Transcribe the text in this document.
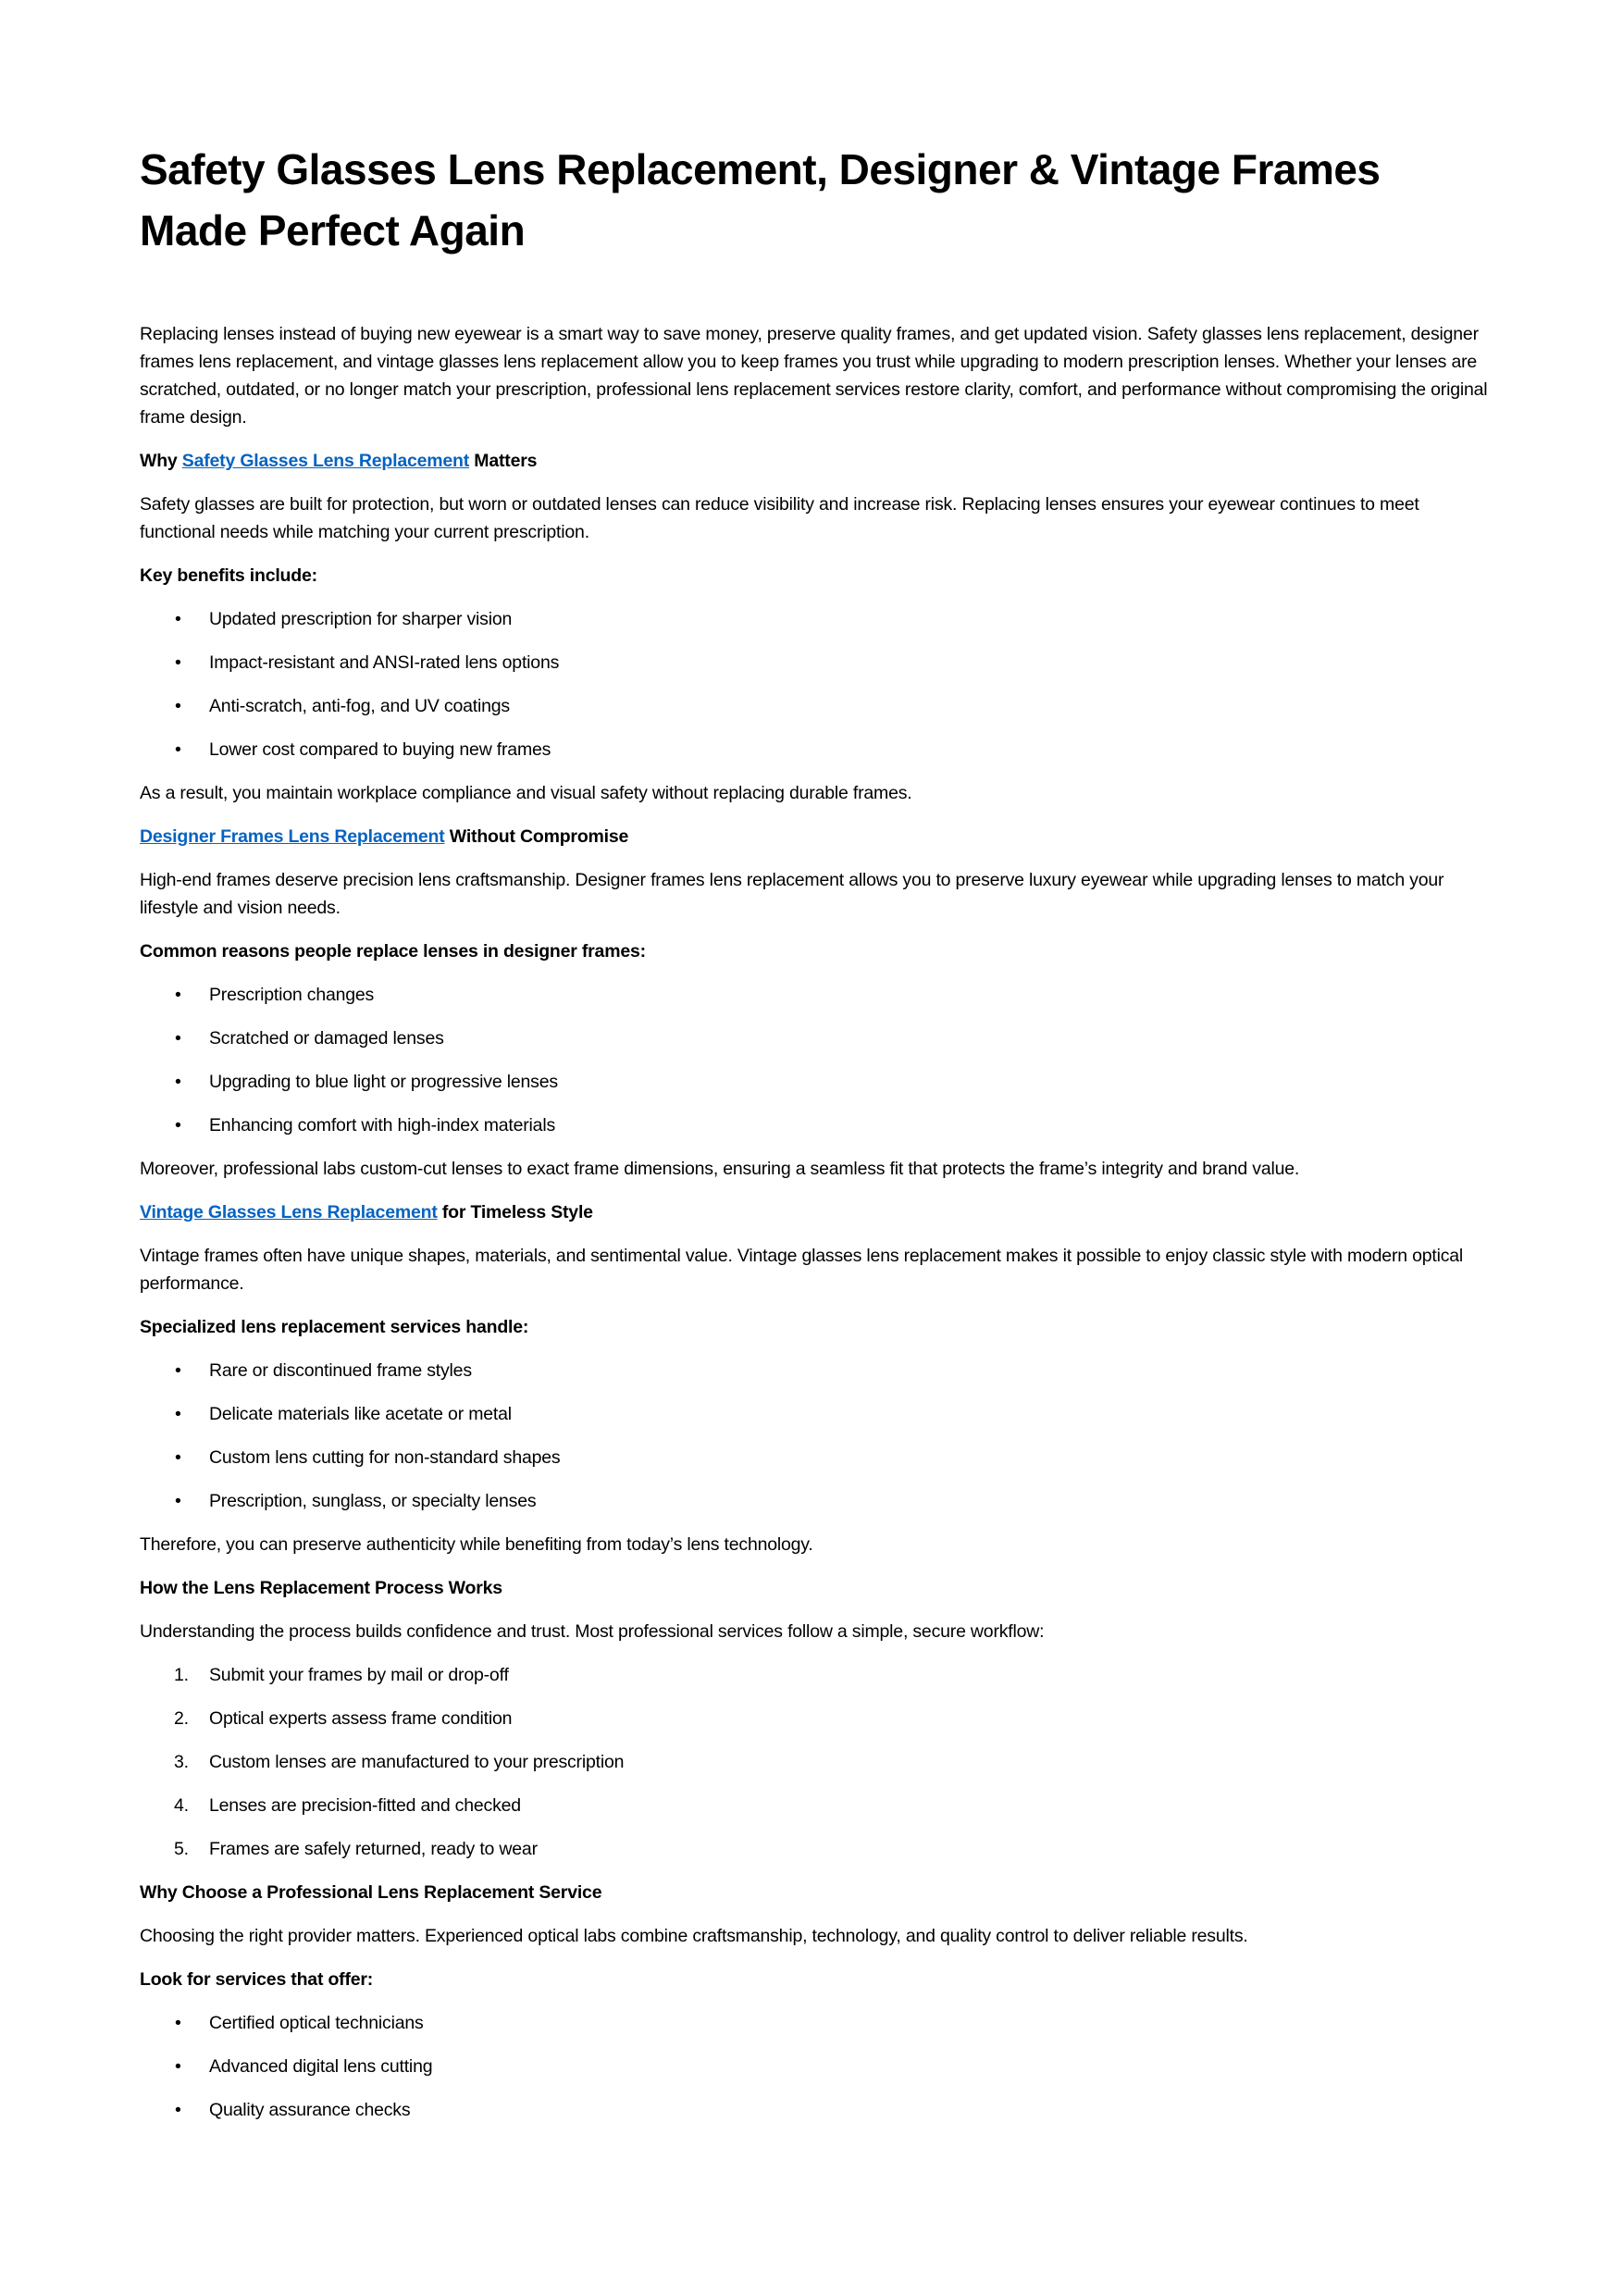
Safety Glasses Lens Replacement, Designer & Vintage Frames Made Perfect Again

Replacing lenses instead of buying new eyewear is a smart way to save money, preserve quality frames, and get updated vision. Safety glasses lens replacement, designer frames lens replacement, and vintage glasses lens replacement allow you to keep frames you trust while upgrading to modern prescription lenses. Whether your lenses are scratched, outdated, or no longer match your prescription, professional lens replacement services restore clarity, comfort, and performance without compromising the original frame design.

Why Safety Glasses Lens Replacement Matters

Safety glasses are built for protection, but worn or outdated lenses can reduce visibility and increase risk. Replacing lenses ensures your eyewear continues to meet functional needs while matching your current prescription.

Key benefits include:

• Updated prescription for sharper vision
• Impact-resistant and ANSI-rated lens options
• Anti-scratch, anti-fog, and UV coatings
• Lower cost compared to buying new frames

As a result, you maintain workplace compliance and visual safety without replacing durable frames.

Designer Frames Lens Replacement Without Compromise

High-end frames deserve precision lens craftsmanship. Designer frames lens replacement allows you to preserve luxury eyewear while upgrading lenses to match your lifestyle and vision needs.

Common reasons people replace lenses in designer frames:

• Prescription changes
• Scratched or damaged lenses
• Upgrading to blue light or progressive lenses
• Enhancing comfort with high-index materials

Moreover, professional labs custom-cut lenses to exact frame dimensions, ensuring a seamless fit that protects the frame’s integrity and brand value.

Vintage Glasses Lens Replacement for Timeless Style

Vintage frames often have unique shapes, materials, and sentimental value. Vintage glasses lens replacement makes it possible to enjoy classic style with modern optical performance.

Specialized lens replacement services handle:

• Rare or discontinued frame styles
• Delicate materials like acetate or metal
• Custom lens cutting for non-standard shapes
• Prescription, sunglass, or specialty lenses

Therefore, you can preserve authenticity while benefiting from today’s lens technology.

How the Lens Replacement Process Works

Understanding the process builds confidence and trust. Most professional services follow a simple, secure workflow:

1. Submit your frames by mail or drop-off
2. Optical experts assess frame condition
3. Custom lenses are manufactured to your prescription
4. Lenses are precision-fitted and checked
5. Frames are safely returned, ready to wear

Why Choose a Professional Lens Replacement Service

Choosing the right provider matters. Experienced optical labs combine craftsmanship, technology, and quality control to deliver reliable results.

Look for services that offer:

• Certified optical technicians
• Advanced digital lens cutting
• Quality assurance checks
